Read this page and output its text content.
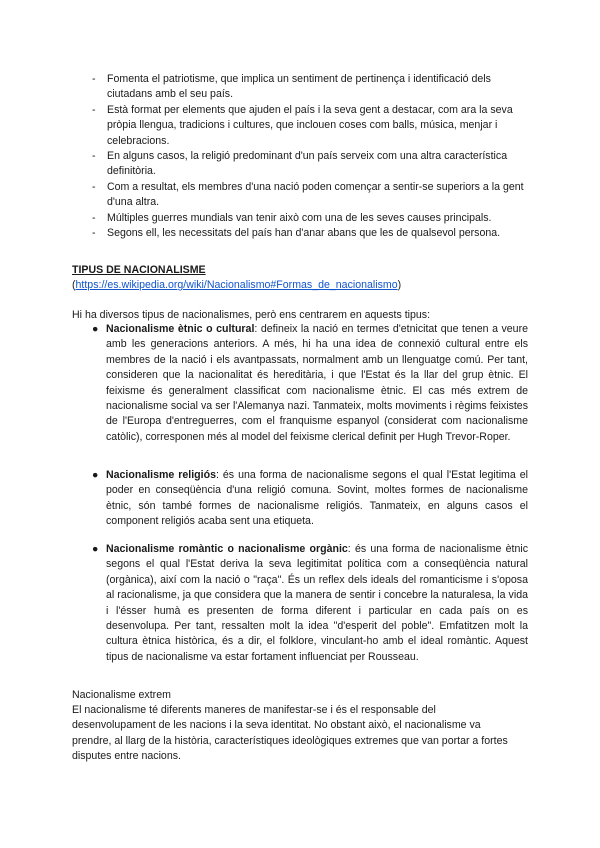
- Fomenta el patriotisme, que implica un sentiment de pertinença i identificació dels ciutadans amb el seu país.
- Està format per elements que ajuden el país i la seva gent a destacar, com ara la seva pròpia llengua, tradicions i cultures, que inclouen coses com balls, música, menjar i celebracions.
- En alguns casos, la religió predominant d'un país serveix com una altra característica definitòria.
- Com a resultat, els membres d'una nació poden començar a sentir-se superiors a la gent d'una altra.
- Múltiples guerres mundials van tenir això com una de les seves causes principals.
- Segons ell, les necessitats del país han d'anar abans que les de qualsevol persona.
TIPUS DE NACIONALISME
(https://es.wikipedia.org/wiki/Nacionalismo#Formas_de_nacionalismo)
Hi ha diversos tipus de nacionalismes, però ens centrarem en aquests tipus:
● Nacionalisme ètnic o cultural: defineix la nació en termes d'etnicitat que tenen a veure amb les generacions anteriors. A més, hi ha una idea de connexió cultural entre els membres de la nació i els avantpassats, normalment amb un llenguatge comú. Per tant, consideren que la nacionalitat és hereditària, i que l'Estat és la llar del grup ètnic. El feixisme és generalment classificat com nacionalisme ètnic. El cas més extrem de nacionalisme social va ser l'Alemanya nazi. Tanmateix, molts moviments i règims feixistes de l'Europa d'entreguerres, com el franquisme espanyol (considerat com nacionalisme catòlic), corresponen més al model del feixisme clerical definit per Hugh Trevor-Roper.
● Nacionalisme religiós: és una forma de nacionalisme segons el qual l'Estat legitima el poder en conseqüència d'una religió comuna. Sovint, moltes formes de nacionalisme ètnic, són també formes de nacionalisme religiós. Tanmateix, en alguns casos el component religiós acaba sent una etiqueta.
● Nacionalisme romàntic o nacionalisme orgànic: és una forma de nacionalisme ètnic segons el qual l'Estat deriva la seva legitimitat política com a conseqüència natural (orgànica), així com la nació o "raça". És un reflex dels ideals del romanticisme i s'oposa al racionalisme, ja que considera que la manera de sentir i concebre la naturalesa, la vida i l'ésser humà es presenten de forma diferent i particular en cada país on es desenvolupa. Per tant, ressalten molt la idea "d'esperit del poble". Emfatitzen molt la cultura ètnica històrica, és a dir, el folklore, vinculant-ho amb el ideal romàntic. Aquest tipus de nacionalisme va estar fortament influenciat per Rousseau.
Nacionalisme extrem
El nacionalisme té diferents maneres de manifestar-se i és el responsable del desenvolupament de les nacions i la seva identitat. No obstant això, el nacionalisme va prendre, al llarg de la història, característiques ideològiques extremes que van portar a fortes disputes entre nacions.
